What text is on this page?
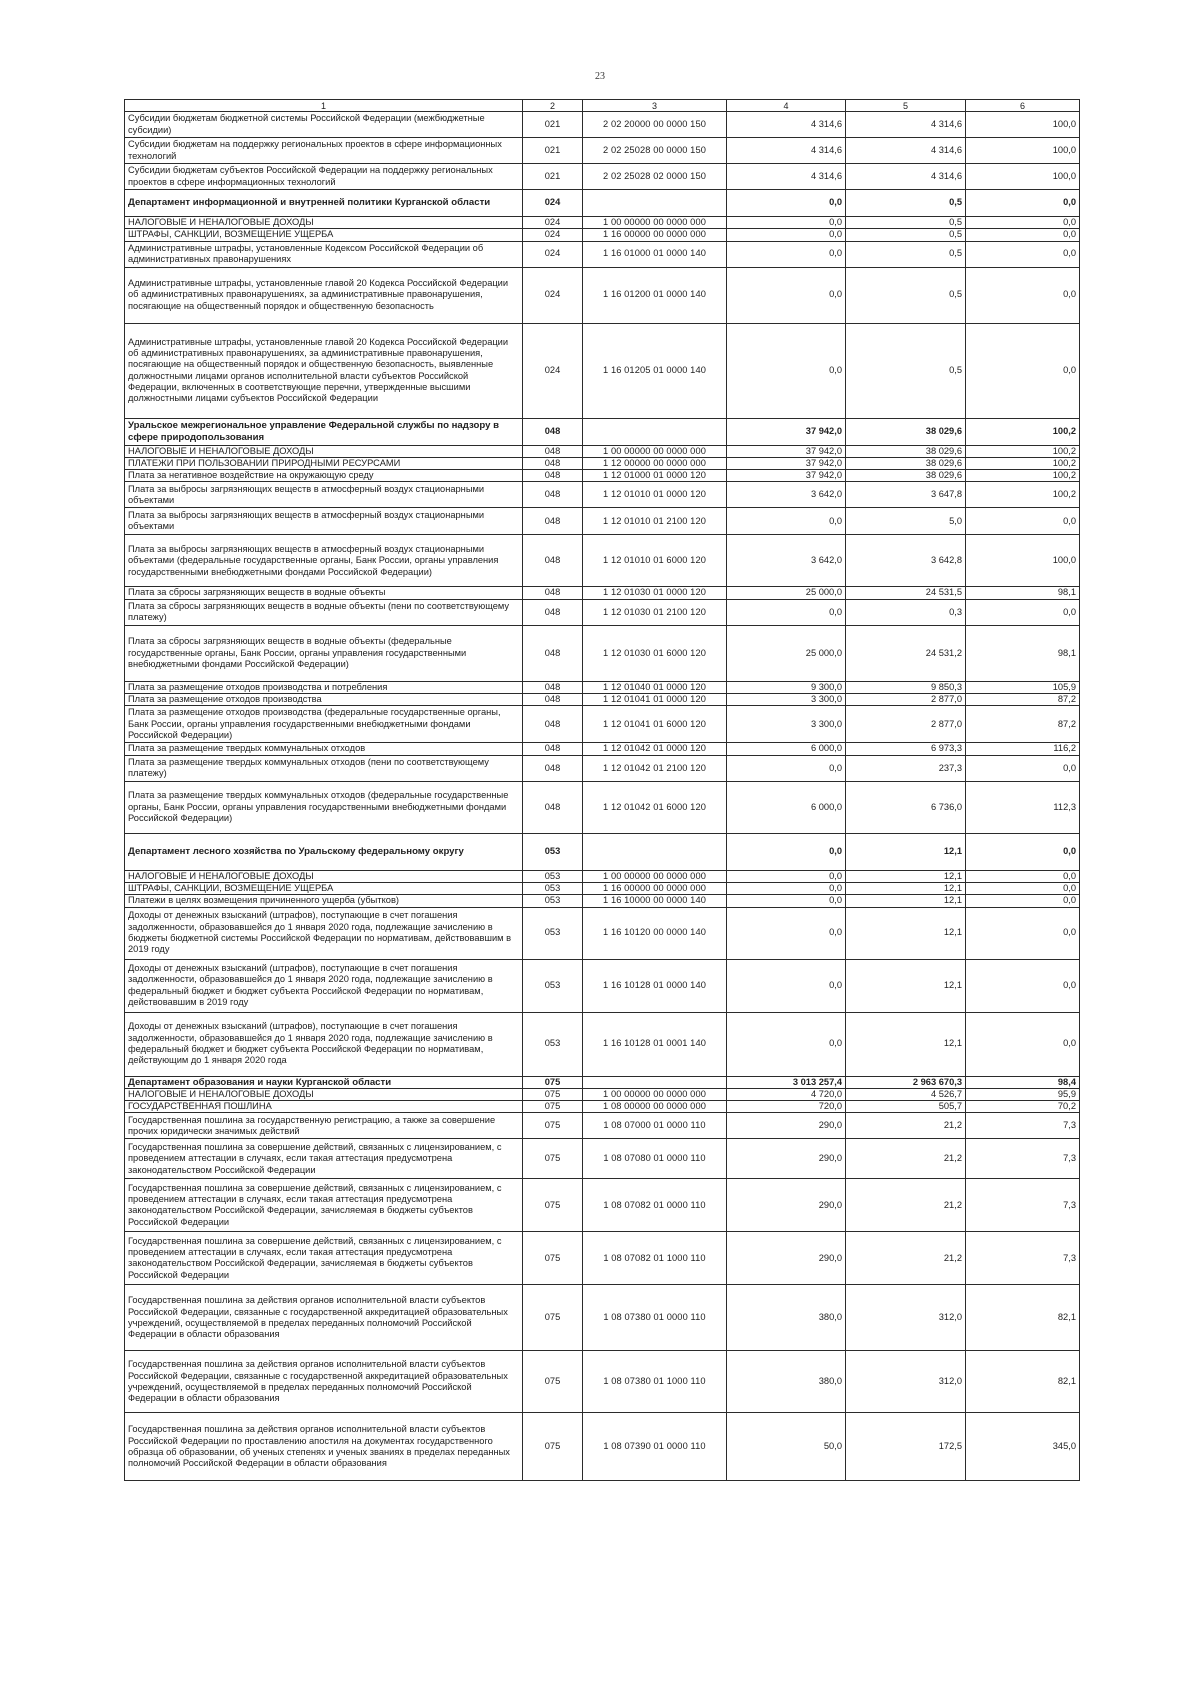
23
1	2	3	4	5	6
Субсидии бюджетам бюджетной системы Российской Федерации (межбюджетные субсидии)	021	2 02 20000 00 0000 150	4 314,6	4 314,6	100,0
Субсидии бюджетам на поддержку региональных проектов в сфере информационных технологий	021	2 02 25028 00 0000 150	4 314,6	4 314,6	100,0
Субсидии бюджетам субъектов Российской Федерации на поддержку региональных проектов в сфере информационных технологий	021	2 02 25028 02 0000 150	4 314,6	4 314,6	100,0
Департамент информационной и внутренней политики Курганской области	024		0,0	0,5	0,0
НАЛОГОВЫЕ И НЕНАЛОГОВЫЕ ДОХОДЫ	024	1 00 00000 00 0000 000	0,0	0,5	0,0
ШТРАФЫ, САНКЦИИ, ВОЗМЕЩЕНИЕ УЩЕРБА	024	1 16 00000 00 0000 000	0,0	0,5	0,0
Административные штрафы, установленные Кодексом Российской Федерации об административных правонарушениях	024	1 16 01000 01 0000 140	0,0	0,5	0,0
Административные штрафы, установленные главой 20 Кодекса Российской Федерации об административных правонарушениях, за административные правонарушения, посягающие на общественный порядок и общественную безопасность	024	1 16 01200 01 0000 140	0,0	0,5	0,0
Административные штрафы, установленные главой 20 Кодекса Российской Федерации об административных правонарушениях, за административные правонарушения, посягающие на общественный порядок и общественную безопасность, выявленные должностными лицами органов исполнительной власти субъектов Российской Федерации, включенных в соответствующие перечни, утвержденные высшими должностными лицами субъектов Российской Федерации	024	1 16 01205 01 0000 140	0,0	0,5	0,0
Уральское межрегиональное управление Федеральной службы по надзору в сфере природопользования	048		37 942,0	38 029,6	100,2
НАЛОГОВЫЕ И НЕНАЛОГОВЫЕ ДОХОДЫ	048	1 00 00000 00 0000 000	37 942,0	38 029,6	100,2
ПЛАТЕЖИ ПРИ ПОЛЬЗОВАНИИ ПРИРОДНЫМИ РЕСУРСАМИ	048	1 12 00000 00 0000 000	37 942,0	38 029,6	100,2
Плата за негативное воздействие на окружающую среду	048	1 12 01000 01 0000 120	37 942,0	38 029,6	100,2
Плата за выбросы загрязняющих веществ в атмосферный воздух стационарными объектами	048	1 12 01010 01 0000 120	3 642,0	3 647,8	100,2
Плата за выбросы загрязняющих веществ в атмосферный воздух стационарными объектами	048	1 12 01010 01 2100 120	0,0	5,0	0,0
Плата за выбросы загрязняющих веществ в атмосферный воздух стационарными объектами (федеральные государственные органы, Банк России, органы управления государственными внебюджетными фондами Российской Федерации)	048	1 12 01010 01 6000 120	3 642,0	3 642,8	100,0
Плата за сбросы загрязняющих веществ в водные объекты	048	1 12 01030 01 0000 120	25 000,0	24 531,5	98,1
Плата за сбросы загрязняющих веществ в водные объекты (пени по соответствующему платежу)	048	1 12 01030 01 2100 120	0,0	0,3	0,0
Плата за сбросы загрязняющих веществ в водные объекты (федеральные государственные органы, Банк России, органы управления государственными внебюджетными фондами Российской Федерации)	048	1 12 01030 01 6000 120	25 000,0	24 531,2	98,1
Плата за размещение отходов производства и потребления	048	1 12 01040 01 0000 120	9 300,0	9 850,3	105,9
Плата за размещение отходов производства	048	1 12 01041 01 0000 120	3 300,0	2 877,0	87,2
Плата за размещение отходов производства (федеральные государственные органы, Банк России, органы управления государственными внебюджетными фондами Российской Федерации)	048	1 12 01041 01 6000 120	3 300,0	2 877,0	87,2
Плата за размещение твердых коммунальных отходов	048	1 12 01042 01 0000 120	6 000,0	6 973,3	116,2
Плата за размещение твердых коммунальных отходов (пени по соответствующему платежу)	048	1 12 01042 01 2100 120	0,0	237,3	0,0
Плата за размещение твердых коммунальных отходов (федеральные государственные органы, Банк России, органы управления государственными внебюджетными фондами Российской Федерации)	048	1 12 01042 01 6000 120	6 000,0	6 736,0	112,3
Департамент лесного хозяйства по Уральскому федеральному округу	053		0,0	12,1	0,0
НАЛОГОВЫЕ И НЕНАЛОГОВЫЕ ДОХОДЫ	053	1 00 00000 00 0000 000	0,0	12,1	0,0
ШТРАФЫ, САНКЦИИ, ВОЗМЕЩЕНИЕ УЩЕРБА	053	1 16 00000 00 0000 000	0,0	12,1	0,0
Платежи в целях возмещения причиненного ущерба (убытков)	053	1 16 10000 00 0000 140	0,0	12,1	0,0
Доходы от денежных взысканий (штрафов), поступающие в счет погашения задолженности, образовавшейся до 1 января 2020 года, подлежащие зачислению в бюджеты бюджетной системы Российской Федерации по нормативам, действовавшим в 2019 году	053	1 16 10120 00 0000 140	0,0	12,1	0,0
Доходы от денежных взысканий (штрафов), поступающие в счет погашения задолженности, образовавшейся до 1 января 2020 года, подлежащие зачислению в федеральный бюджет и бюджет субъекта Российской Федерации по нормативам, действовавшим в 2019 году	053	1 16 10128 01 0000 140	0,0	12,1	0,0
Доходы от денежных взысканий (штрафов), поступающие в счет погашения задолженности, образовавшейся до 1 января 2020 года, подлежащие зачислению в федеральный бюджет и бюджет субъекта Российской Федерации по нормативам, действующим до 1 января 2020 года	053	1 16 10128 01 0001 140	0,0	12,1	0,0
Департамент образования и науки Курганской области	075		3 013 257,4	2 963 670,3	98,4
НАЛОГОВЫЕ И НЕНАЛОГОВЫЕ ДОХОДЫ	075	1 00 00000 00 0000 000	4 720,0	4 526,7	95,9
ГОСУДАРСТВЕННАЯ ПОШЛИНА	075	1 08 00000 00 0000 000	720,0	505,7	70,2
Государственная пошлина за государственную регистрацию, а также за совершение прочих юридически значимых действий	075	1 08 07000 01 0000 110	290,0	21,2	7,3
Государственная пошлина за совершение действий, связанных с лицензированием, с проведением аттестации в случаях, если такая аттестация предусмотрена законодательством Российской Федерации	075	1 08 07080 01 0000 110	290,0	21,2	7,3
Государственная пошлина за совершение действий, связанных с лицензированием, с проведением аттестации в случаях, если такая аттестация предусмотрена законодательством Российской Федерации, зачисляемая в бюджеты субъектов Российской Федерации	075	1 08 07082 01 0000 110	290,0	21,2	7,3
Государственная пошлина за совершение действий, связанных с лицензированием, с проведением аттестации в случаях, если такая аттестация предусмотрена законодательством Российской Федерации, зачисляемая в бюджеты субъектов Российской Федерации	075	1 08 07082 01 1000 110	290,0	21,2	7,3
Государственная пошлина за действия органов исполнительной власти субъектов Российской Федерации, связанные с государственной аккредитацией образовательных учреждений, осуществляемой в пределах переданных полномочий Российской Федерации в области образования	075	1 08 07380 01 0000 110	380,0	312,0	82,1
Государственная пошлина за действия органов исполнительной власти субъектов Российской Федерации, связанные с государственной аккредитацией образовательных учреждений, осуществляемой в пределах переданных полномочий Российской Федерации в области образования	075	1 08 07380 01 1000 110	380,0	312,0	82,1
Государственная пошлина за действия органов исполнительной власти субъектов Российской Федерации по проставлению апостиля на документах государственного образца об образовании, об ученых степенях и ученых званиях в пределах переданных полномочий Российской Федерации в области образования	075	1 08 07390 01 0000 110	50,0	172,5	345,0
